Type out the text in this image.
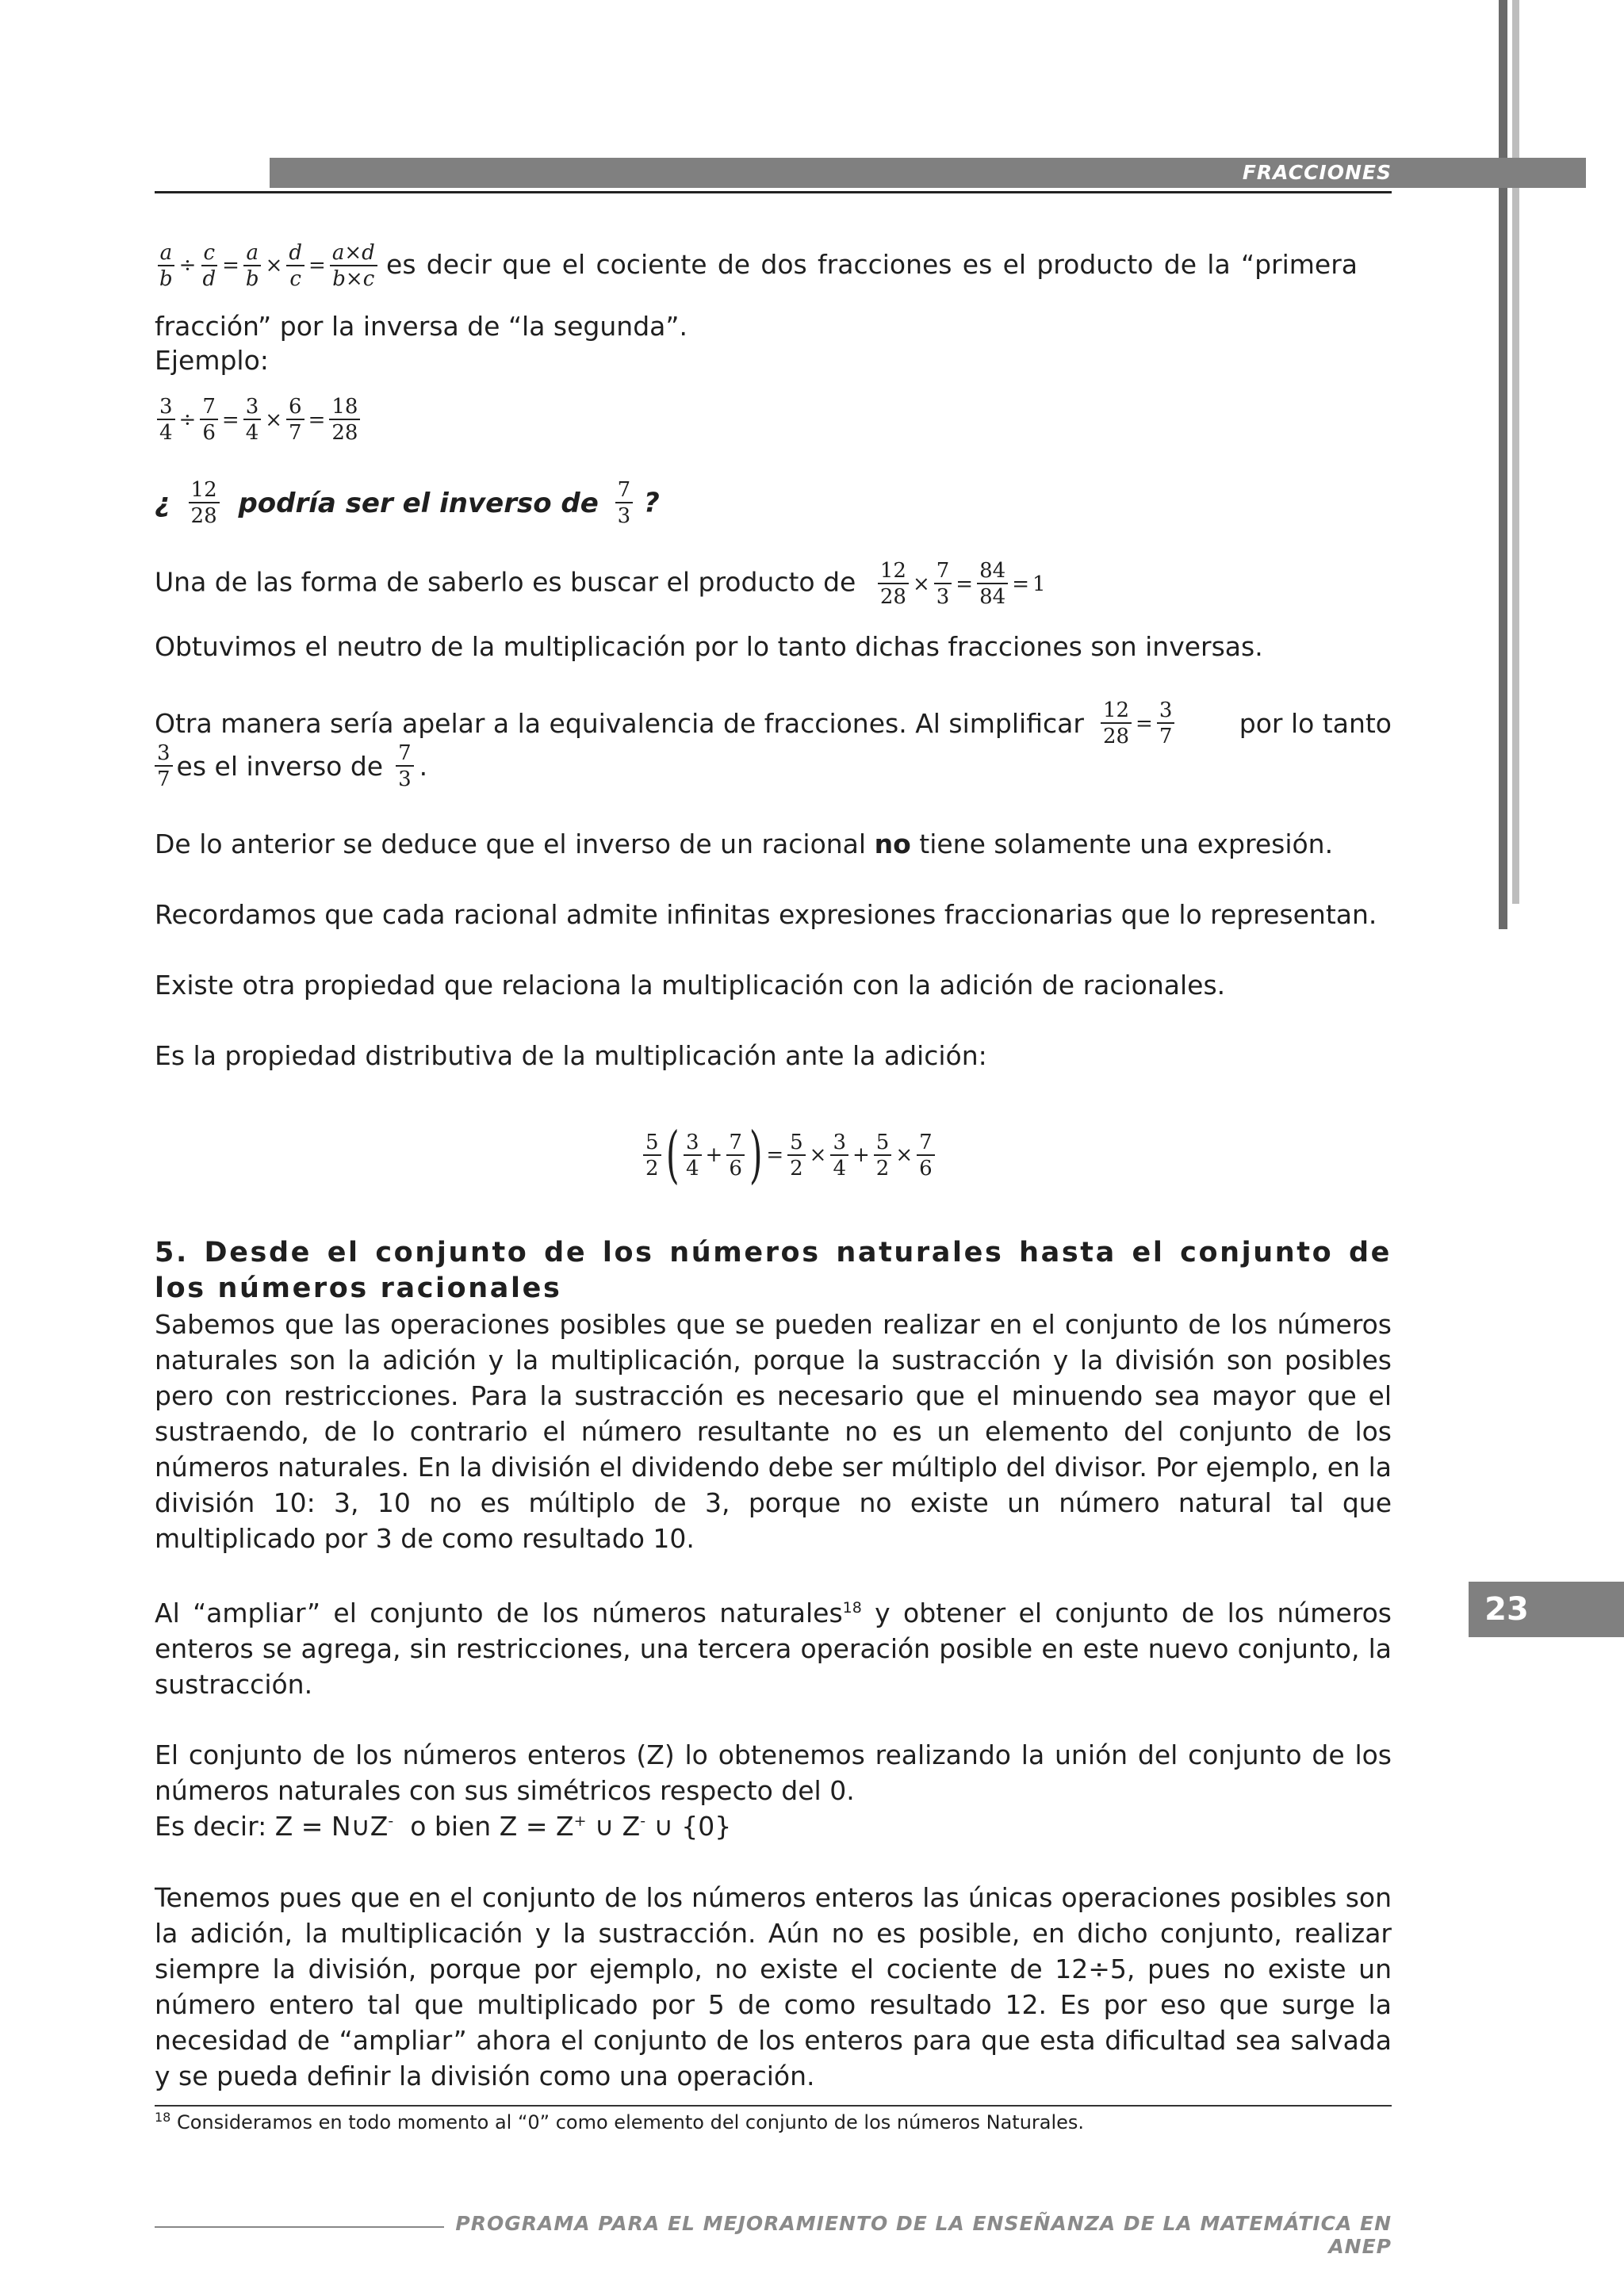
FRACCIONES
$\frac{a}{b} \div \frac{c}{d} = \frac{a}{b} \times \frac{d}{c} = \frac{a\times d}{b\times c}$ es decir que el cociente de dos fracciones es el producto de la “primera
fracción” por la inversa de “la segunda”.
Ejemplo:
$\frac{3}{4} \div \frac{7}{6} = \frac{3}{4} \times \frac{6}{7} = \frac{18}{28}$
¿ $\frac{12}{28}$ podría ser el inverso de $\frac{7}{3}$ ?
Una de las forma de saberlo es buscar el producto de $\frac{12}{28} \times \frac{7}{3} = \frac{84}{84} = 1$
Obtuvimos el neutro de la multiplicación por lo tanto dichas fracciones son inversas.
Otra manera sería apelar a la equivalencia de fracciones. Al simplificar $\frac{12}{28} = \frac{3}{7}$ por lo tanto
$\frac{3}{7}$ es el inverso de $\frac{7}{3}$ .
De lo anterior se deduce que el inverso de un racional no tiene solamente una expresión.
Recordamos que cada racional admite infinitas expresiones fraccionarias que lo representan.
Existe otra propiedad que relaciona la multiplicación con la adición de racionales.
Es la propiedad distributiva de la multiplicación ante la adición:
$\frac{5}{2}$ ( $\frac{3}{4} + \frac{7}{6}$ ) = $\frac{5}{2} \times \frac{3}{4} + \frac{5}{2} \times \frac{7}{6}$
5. Desde el conjunto de los números naturales hasta el conjunto de los números racionales
Sabemos que las operaciones posibles que se pueden realizar en el conjunto de los números naturales son la adición y la multiplicación, porque la sustracción y la división son posibles pero con restricciones. Para la sustracción es necesario que el minuendo sea mayor que el sustraendo, de lo contrario el número resultante no es un elemento del conjunto de los números naturales. En la división el dividendo debe ser múltiplo del divisor. Por ejemplo, en la división 10: 3, 10 no es múltiplo de 3, porque no existe un número natural tal que multiplicado por 3 de como resultado 10.
Al “ampliar” el conjunto de los números naturales$^{18}$ y obtener el conjunto de los números enteros se agrega, sin restricciones, una tercera operación posible en este nuevo conjunto, la sustracción.
El conjunto de los números enteros (Z) lo obtenemos realizando la unión del conjunto de los números naturales con sus simétricos respecto del 0.
Es decir: Z = N∪Z-  o bien Z = Z+ ∪ Z- ∪ {0}
Tenemos pues que en el conjunto de los números enteros las únicas operaciones posibles son la adición, la multiplicación y la sustracción. Aún no es posible, en dicho conjunto, realizar siempre la división, porque por ejemplo, no existe el cociente de 12÷5, pues no existe un número entero tal que multiplicado por 5 de como resultado 12. Es por eso que surge la necesidad de “ampliar” ahora el conjunto de los enteros para que esta dificultad sea salvada y se pueda definir la división como una operación.
$^{18}$ Consideramos en todo momento al “0” como elemento del conjunto de los números Naturales.
23
PROGRAMA PARA EL MEJORAMIENTO DE LA ENSEÑANZA DE LA MATEMÁTICA EN ANEP
